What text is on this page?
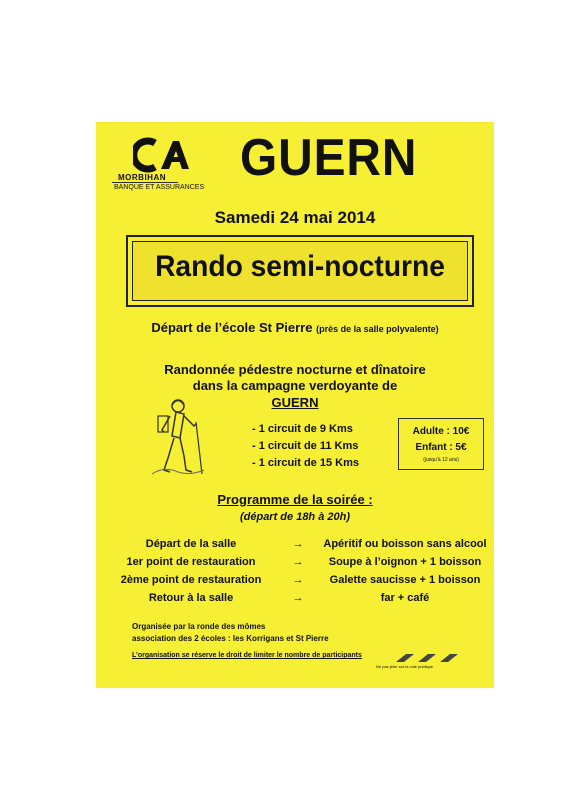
MORBIHAN
BANQUE ET ASSURANCES
GUERN
Samedi 24 mai 2014
Rando semi-nocturne
Départ de l’école St Pierre (près de la salle polyvalente)
Randonnée pédestre nocturne et dînatoire
dans la campagne verdoyante de
GUERN
- 1 circuit de 9 Kms
- 1 circuit de 11 Kms
- 1 circuit de 15 Kms
Adulte : 10€
Enfant : 5€
(jusqu’à 12 ans)
Programme de la soirée :
(départ de 18h à 20h)
Départ de la salle	→	Apéritif ou boisson sans alcool
1er point de restauration	→	Soupe à l’oignon + 1 boisson
2ème point de restauration	→	Galette saucisse + 1 boisson
Retour à la salle	→	far + café
Organisée par la ronde des mômes
association des 2 écoles : les Korrigans et St Pierre
L’organisation se réserve le droit de limiter le nombre de participants
Ne pas jeter sur la voie publique
